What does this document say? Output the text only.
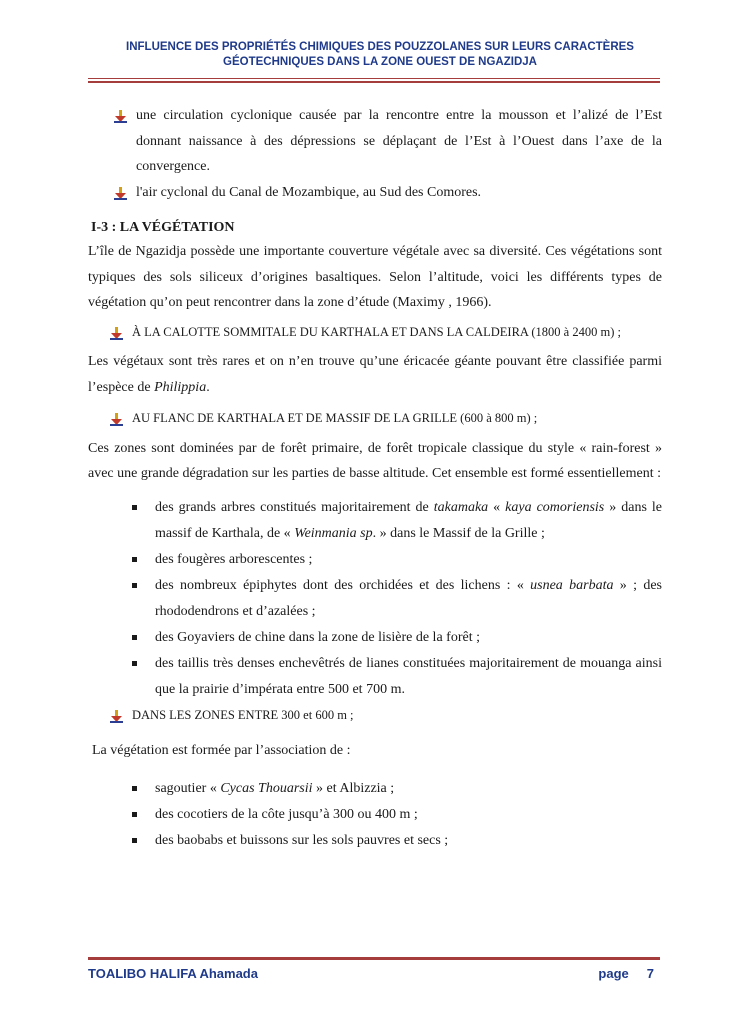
INFLUENCE DES PROPRIÉTÉS CHIMIQUES DES POUZZOLANES SUR LEURS CARACTÈRES
GÉOTECHNIQUES DANS LA ZONE OUEST DE NGAZIDJA
une circulation cyclonique causée par la rencontre entre la mousson et l’alizé de l’Est donnant naissance à des dépressions se déplaçant de l’Est à l’Ouest dans l’axe de la convergence.
l'air cyclonal du Canal de Mozambique, au Sud des Comores.
I-3 : LA VÉGÉTATION

L’île de Ngazidja possède une importante couverture végétale avec sa diversité. Ces végétations sont typiques des sols siliceux d’origines basaltiques. Selon l’altitude, voici les différents types de végétation qu’on peut rencontrer dans la zone d’étude (Maximy , 1966).

À LA CALOTTE SOMMITALE DU KARTHALA ET DANS LA CALDEIRA (1800 à 2400 m) ;

Les végétaux sont très rares et on n’en trouve qu’une éricacée géante pouvant être classifiée parmi l’espèce de Philippia.

AU FLANC DE KARTHALA ET DE MASSIF DE LA GRILLE (600 à 800 m) ;

Ces zones sont dominées par de forêt primaire, de forêt tropicale classique du style « rain-forest » avec une grande dégradation sur les parties de basse altitude. Cet ensemble est formé essentiellement :

des grands arbres constitués majoritairement de takamaka « kaya comoriensis » dans le massif de Karthala, de « Weinmania sp. » dans le Massif de la Grille ;
des fougères arborescentes ;
des nombreux épiphytes dont des orchidées et des lichens : « usnea barbata » ; des rhododendrons et d’azalées ;
des Goyaviers de chine dans la zone de lisière de la forêt ;
des taillis très denses enchevêtrés de lianes constituées majoritairement de mouanga ainsi que la prairie d’impérata entre 500 et 700 m.
DANS LES ZONES ENTRE 300 et 600 m ;

La végétation est formée par l’association de :

sagoutier « Cycas Thouarsii » et Albizzia ;
des cocotiers de la côte jusqu’à 300 ou 400 m ;
des baobabs et buissons sur les sols pauvres et secs ;
TOALIBO HALIFA Ahamada	page 7
